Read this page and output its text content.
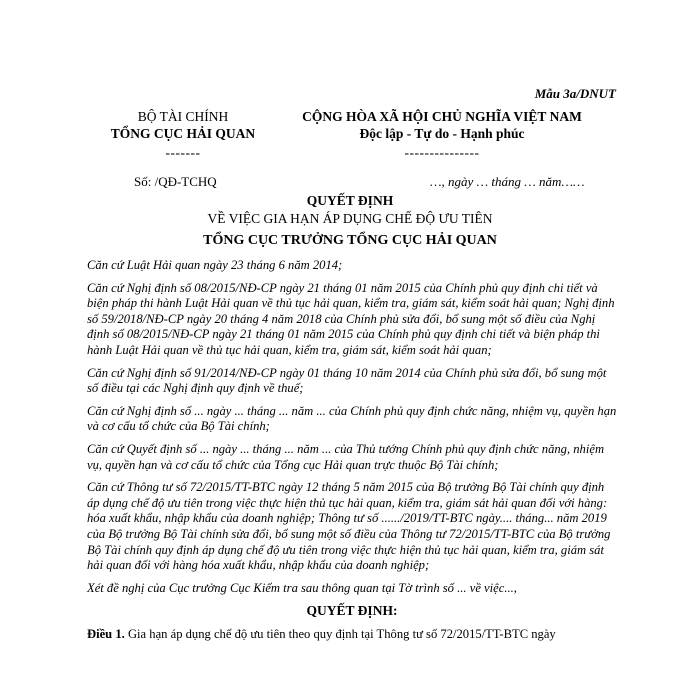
Mẫu 3a/DNUT
BỘ TÀI CHÍNH
TỔNG CỤC HẢI QUAN
-------
CỘNG HÒA XÃ HỘI CHỦ NGHĨA VIỆT NAM
Độc lập - Tự do - Hạnh phúc
---------------
Số: /QĐ-TCHQ	…, ngày … tháng … năm……
QUYẾT ĐỊNH
VỀ VIỆC GIA HẠN ÁP DỤNG CHẾ ĐỘ ƯU TIÊN
TỔNG CỤC TRƯỞNG TỔNG CỤC HẢI QUAN

Căn cứ Luật Hải quan ngày 23 tháng 6 năm 2014;

Căn cứ Nghị định số 08/2015/NĐ-CP ngày 21 tháng 01 năm 2015 của Chính phủ quy định chi tiết và biện pháp thi hành Luật Hải quan về thủ tục hải quan, kiểm tra, giám sát, kiểm soát hải quan; Nghị định số 59/2018/NĐ-CP ngày 20 tháng 4 năm 2018 của Chính phủ sửa đổi, bổ sung một số điều của Nghị định số 08/2015/NĐ-CP ngày 21 tháng 01 năm 2015 của Chính phủ quy định chi tiết và biện pháp thi hành Luật Hải quan về thủ tục hải quan, kiểm tra, giám sát, kiểm soát hải quan;

Căn cứ Nghị định số 91/2014/NĐ-CP ngày 01 tháng 10 năm 2014 của Chính phủ sửa đổi, bổ sung một số điều tại các Nghị định quy định về thuế;

Căn cứ Nghị định số ... ngày ... tháng ... năm ... của Chính phủ quy định chức năng, nhiệm vụ, quyền hạn và cơ cấu tổ chức của Bộ Tài chính;

Căn cứ Quyết định số ... ngày ... tháng ... năm ... của Thủ tướng Chính phủ quy định chức năng, nhiệm vụ, quyền hạn và cơ cấu tổ chức của Tổng cục Hải quan trực thuộc Bộ Tài chính;

Căn cứ Thông tư số 72/2015/TT-BTC ngày 12 tháng 5 năm 2015 của Bộ trưởng Bộ Tài chính quy định áp dụng chế độ ưu tiên trong việc thực hiện thủ tục hải quan, kiểm tra, giám sát hải quan đối với hàng: hóa xuất khẩu, nhập khẩu của doanh nghiệp; Thông tư số ....../2019/TT-BTC ngày.... tháng... năm 2019 của Bộ trưởng Bộ Tài chính sửa đổi, bổ sung một số điều của Thông tư 72/2015/TT-BTC của Bộ trưởng Bộ Tài chính quy định áp dụng chế độ ưu tiên trong việc thực hiện thủ tục hải quan, kiểm tra, giám sát hải quan đối với hàng hóa xuất khẩu, nhập khẩu của doanh nghiệp;

Xét đề nghị của Cục trưởng Cục Kiểm tra sau thông quan tại Tờ trình số ... về việc...,

QUYẾT ĐỊNH:

Điều 1. Gia hạn áp dụng chế độ ưu tiên theo quy định tại Thông tư số 72/2015/TT-BTC ngày
